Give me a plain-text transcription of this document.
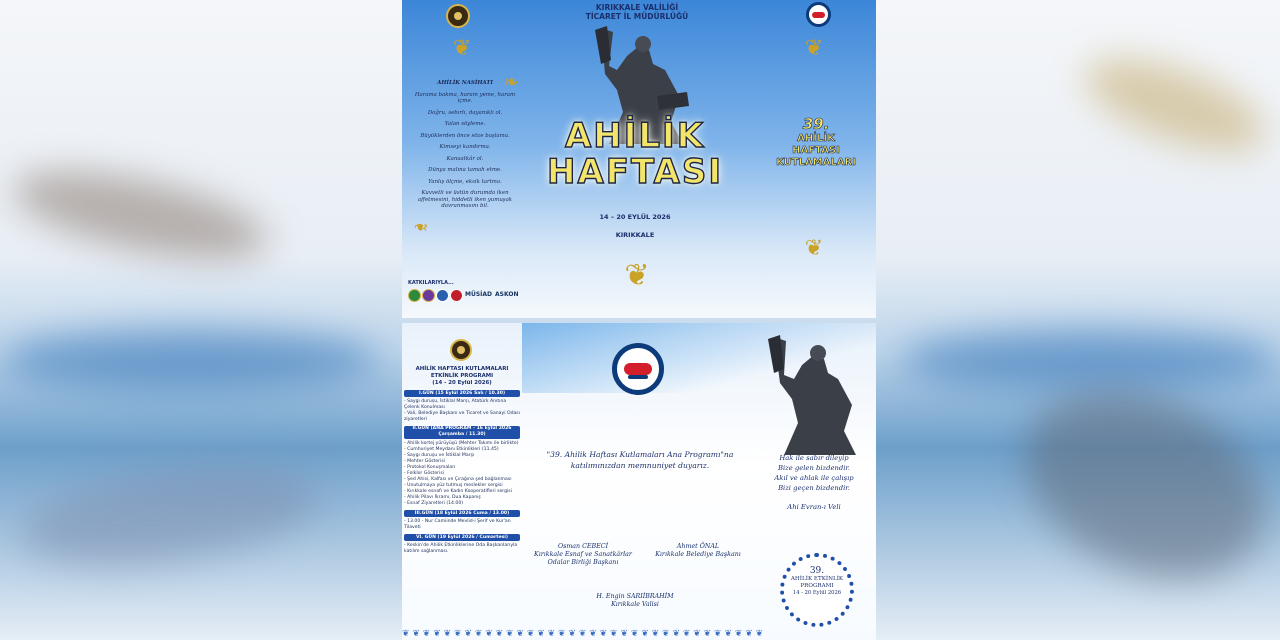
KIRIKKALE VALİLİĞİ
TİCARET İL MÜDÜRLÜĞÜ
❦	❦
❧
❧

AHİLİK NASİHATI

Harama bakma, haram yeme, haram içme.

Doğru, sebırlı, dayanıklı ol.

Yalan söyleme.

Büyüklerden önce söze başlama.

Kimseyi kandırma.

Kanaatkâr ol.

Dünya malına tamah etme.

Yanlış ölçme, eksik tartma.

Kuvvetli ve üstün durumda iken affetmesini, hiddetli iken yumuşak davranmasını bil.

AHİLİK
HAFTASI
39.
AHİLİK
HAFTASI
KUTLAMALARI
14 – 20 EYLÜL 2026
KIRIKKALE
❦
❦
KATKILARIYLA...
MÜSİAD ASKON
AHİLİK HAFTASI KUTLAMALARI
ETKİNLİK PROGRAMI
(14 - 20 Eylül 2026)
I.GÜN (15 Eylül 2026 Salı / 10.30)
- Saygı durușu, İstiklal Marșı, Atatürk Anıtına Çelenk Konulması
- Vali, Belediye Başkanı ve Ticaret ve Sanayi Odası ziyaretleri
II.GÜN (ANA PROGRAM - 16 Eylül 2026 Çarșamba / 11.30)
- Ahilik kortej yürüyüşü (Mehter Takımı ile birlikte)
- Cumhuriyet Meydanı Etkinlikleri (11.45)
- Saygı duruşu ve İstiklal Marşı
- Mehter Gösterisi
- Protokol Konuşmaları
- Folklor Gösterisi
- Şed Ahisi, Kalfası ve Çırağına şed bağlanması
- Unutulmaya yüz tutmuş meslekler sergisi
- Kırıkkale esnafı ve Kadın Kooperatifleri sergisi
- Ahilik Pilavı İkramı, Dua Kapanış
- Esnaf Ziyaretleri (14.00)
III.GÜN (18 Eylül 2026 Cuma / 13.00)
- 13.00 - Nur Camiinde Mevlid-i Şerif ve Kur'an Tilaveti
VI. GÜN (19 Eylül 2026 / Cumartesi)
- Keskin'de Ahilik Etkinliklerine Oda Başkanlarıyla katılım sağlanması.
"39. Ahilik Haftası Kutlamaları Ana Programı"na
katılımınızdan memnuniyet duyarız.
Hak ile sabır dileyip
Bize gelen bizdendir.
Akıl ve ahlak ile çalışıp
Bizi geçen bizdendir.
Ahi Evran-ı Veli
Osman CEBECİ
Kırıkkale Esnaf ve Sanatkârlar
Odalar Birliği Başkanı
Ahmet ÖNAL
Kırıkkale Belediye Başkanı
H. Engin SARIİBRAHİM
Kırıkkale Valisi
39.
AHİLİK ETKİNLİK
PROGRAMI
14 - 20 Eylül 2026
❦ ❦ ❦ ❦ ❦ ❦ ❦ ❦ ❦ ❦ ❦ ❦ ❦ ❦ ❦ ❦ ❦ ❦ ❦ ❦ ❦ ❦ ❦ ❦ ❦ ❦ ❦ ❦ ❦ ❦ ❦ ❦ ❦ ❦ ❦
